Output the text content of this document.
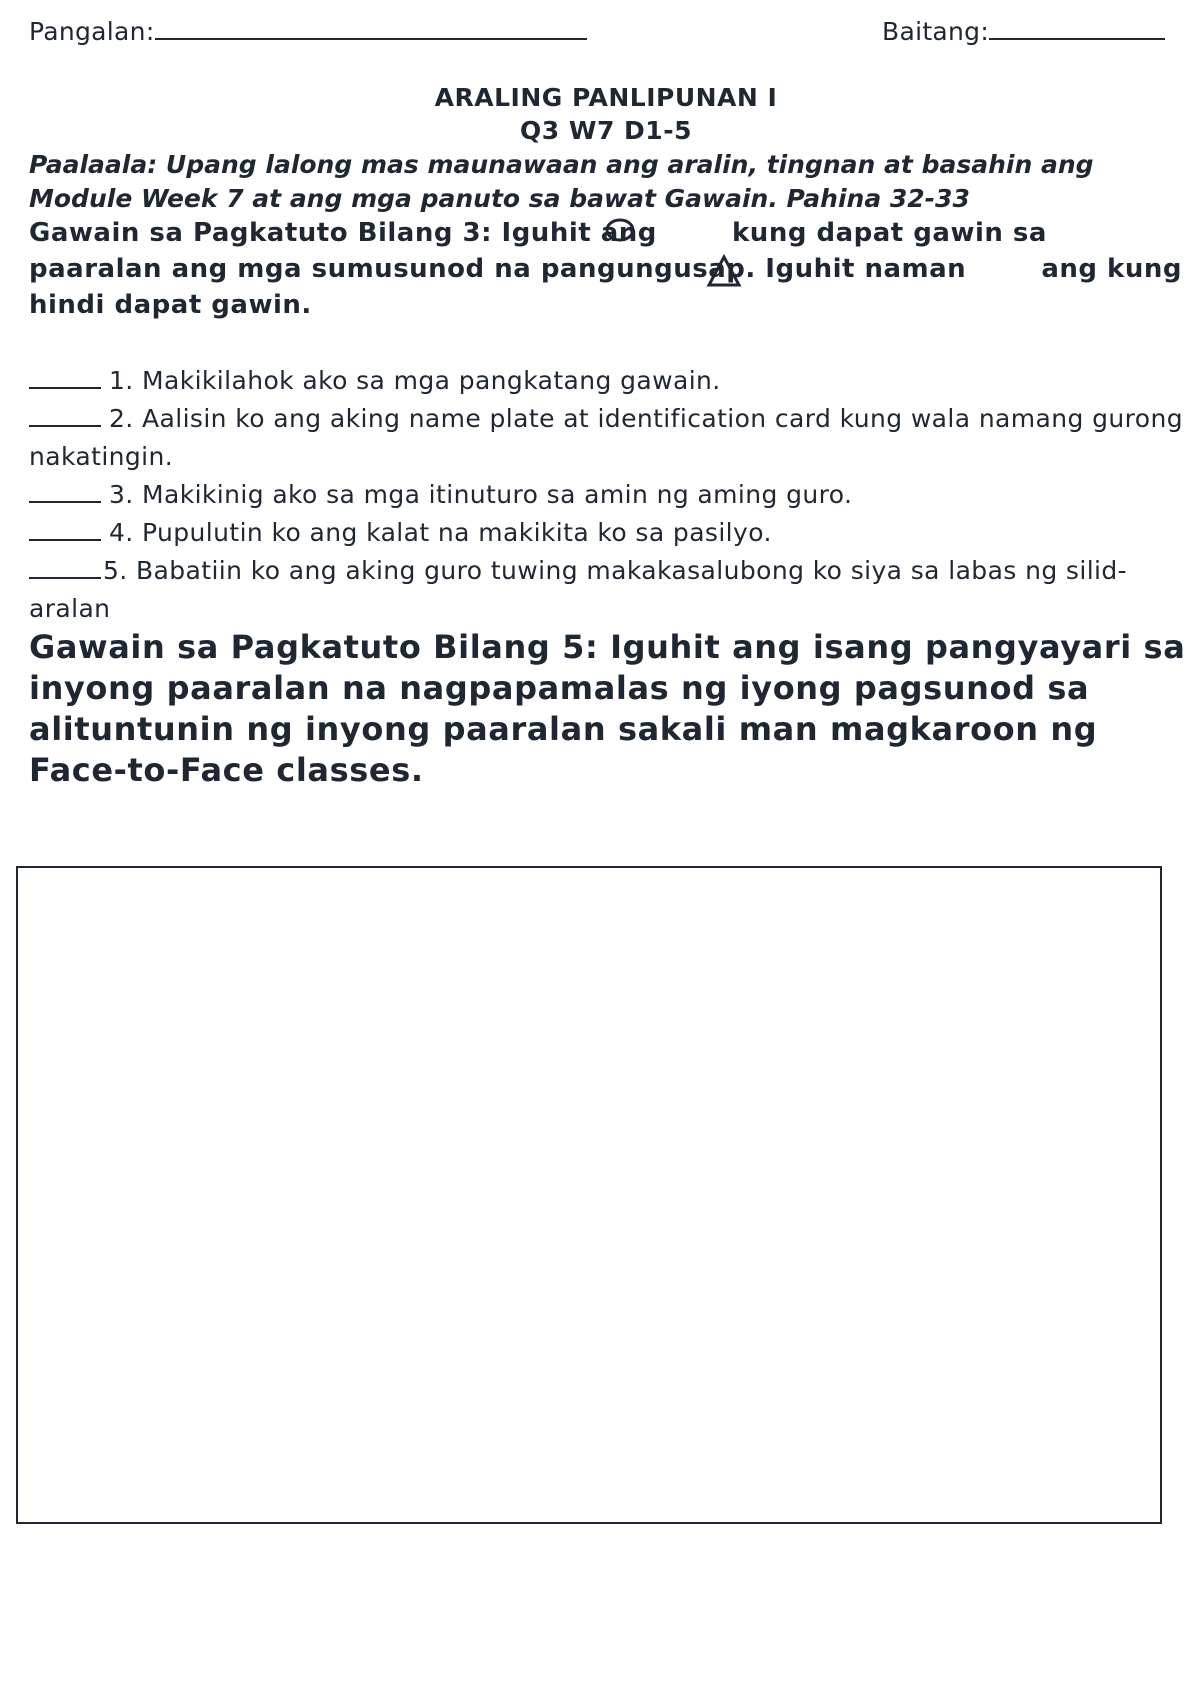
Pangalan:	Baitang:
ARALING PANLIPUNAN I
Q3 W7 D1-5
Paalaala: Upang lalong mas maunawaan ang aralin, tingnan at basahin ang Module Week 7 at ang mga panuto sa bawat Gawain. Pahina 32-33
Gawain sa Pagkatuto Bilang 3: Iguhit ang	kung dapat gawin sa paaralan ang mga sumusunod na pangungusap. Iguhit naman	ang kung hindi dapat gawin.
1. Makikilahok ako sa mga pangkatang gawain.
2. Aalisin ko ang aking name plate at identification card kung wala namang gurong nakatingin.
3. Makikinig ako sa mga itinuturo sa amin ng aming guro.
4. Pupulutin ko ang kalat na makikita ko sa pasilyo.
5. Babatiin ko ang aking guro tuwing makakasalubong ko siya sa labas ng silid-aralan
Gawain sa Pagkatuto Bilang 5: Iguhit ang isang pangyayari sa inyong paaralan na nagpapamalas ng iyong pagsunod sa alituntunin ng inyong paaralan sakali man magkaroon ng Face-to-Face classes.
